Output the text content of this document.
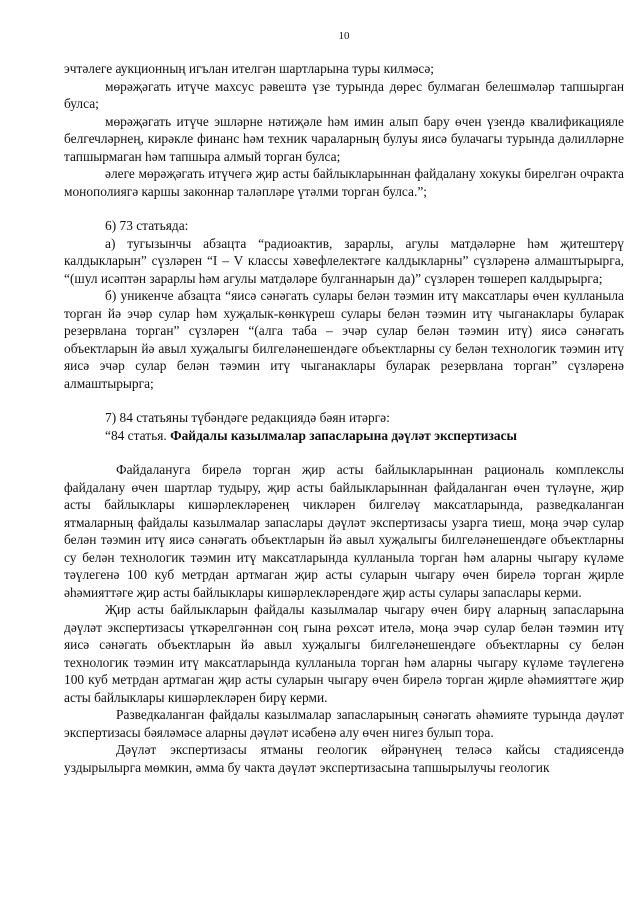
10

эчтәлеге аукционның игълан ителгән шартларына туры килмәсә;

мөрәҗәгать итүче махсус рәвештә үзе турында дөрес булмаган белешмәләр тапшырган булса;

мөрәҗәгать итүче эшләрне нәтиҗәле һәм имин алып бару өчен үзендә квалификацияле белгечләрнең, кирәкле финанс һәм техник чараларның булуы яисә булачагы турында дәлилләрне тапшырмаган һәм тапшыра алмый торган булса;

әлеге мөрәҗәгать итүчегә җир асты байлыкларыннан файдалану хокукы бирелгән очракта монополиягә каршы законнар таләпләре үтәлми торган булса.”;

6) 73 статьяда:

а) тугызынчы абзацта “радиоактив, зарарлы, агулы матдәләрне һәм җитештерү калдыкларын” сүзләрен “I – V классы хәвефлелектәге калдыкларны” сүзләренә алмаштырырга, “(шул исәптән зарарлы һәм агулы матдәләре булганнарын да)” сүзләрен төшереп калдырырга;

б) уникенче абзацта “яисә сәнәгать сулары белән тәэмин итү максатлары өчен кулланыла торган йә эчәр сулар һәм хуҗалык-көнкүреш сулары белән тәэмин итү чыганаклары буларак резервлана торган” сүзләрен “(алга таба – эчәр сулар белән тәэмин итү) яисә сәнәгать объектларын йә авыл хуҗалыгы билгеләнешендәге объектларны су белән технологик тәэмин итү яисә эчәр сулар белән тәэмин итү чыганаклары буларак резервлана торган” сүзләренә алмаштырырга;

7) 84 статьяны түбәндәге редакциядә бәян итәргә:

“84 статья. Файдалы казылмалар запасларына дәүләт экспертизасы

Файдалануга бирелә торган җир асты байлыкларыннан рациональ комплекслы файдалану өчен шартлар тудыру, җир асты байлыкларыннан файдаланган өчен түләүне, җир асты байлыклары кишәрлекләренең чикләрен билгеләү максатларында, разведкаланган ятмаларның файдалы казылмалар запаслары дәүләт экспертизасы узарга тиеш, моңа эчәр сулар белән тәэмин итү яисә сәнәгать объектларын йә авыл хуҗалыгы билгеләнешендәге объектларны су белән технологик тәэмин итү максатларында кулланыла торган һәм аларны чыгару күләме тәүлегенә 100 куб метрдан артмаган җир асты суларын чыгару өчен бирелә торган җирле әһәмияттәге җир асты байлыклары кишәрлекләрендәге җир асты сулары запаслары керми.

Җир асты байлыкларын файдалы казылмалар чыгару өчен бирү аларның запасларына дәүләт экспертизасы үткәрелгәннән соң гына рөхсәт ителә, моңа эчәр сулар белән тәэмин итү яисә сәнәгать объектларын йә авыл хуҗалыгы билгеләнешендәге объектларны су белән технологик тәэмин итү максатларында кулланыла торган һәм аларны чыгару күләме тәүлегенә 100 куб метрдан артмаган җир асты суларын чыгару өчен бирелә торган җирле әһәмияттәге җир асты байлыклары кишәрлекләрен бирү керми.

Разведкаланган файдалы казылмалар запасларының сәнәгать әһәмияте турында дәүләт экспертизасы бәяләмәсе аларны дәүләт исәбенә алу өчен нигез булып тора.

Дәүләт экспертизасы ятманы геологик өйрәнүнең теләсә кайсы стадиясендә уздырылырга мөмкин, әмма бу чакта дәүләт экспертизасына тапшырылучы геологик
